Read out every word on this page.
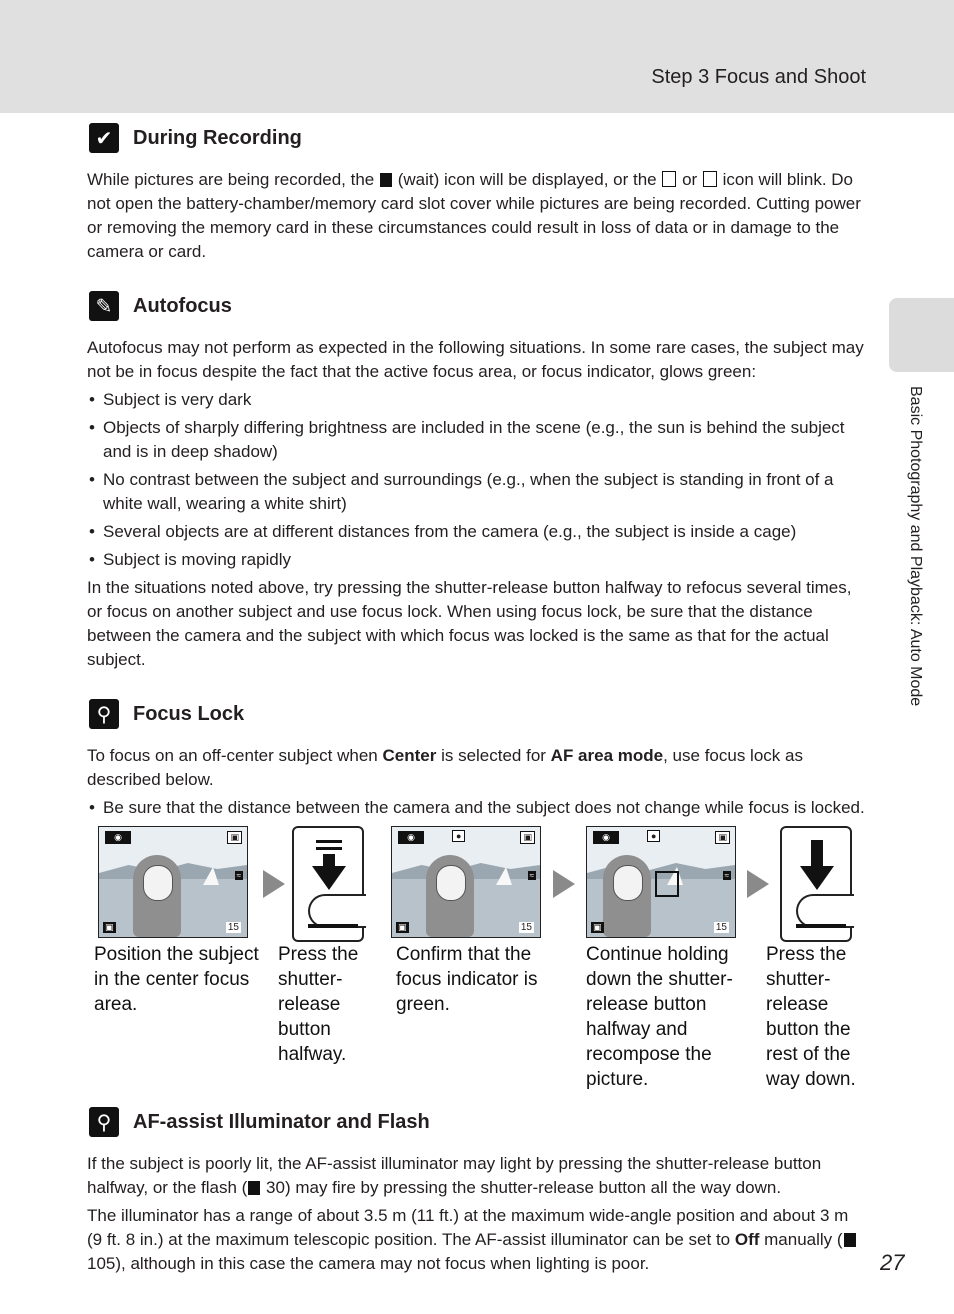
Step 3 Focus and Shoot
Basic Photography and Playback: Auto Mode
✔	During Recording

While pictures are being recorded, the  (wait) icon will be displayed, or the  or  icon will blink. Do not open the battery-chamber/memory card slot cover while pictures are being recorded. Cutting power or removing the memory card in these circumstances could result in loss of data or in damage to the camera or card.

✎	Autofocus

Autofocus may not perform as expected in the following situations. In some rare cases, the subject may not be in focus despite the fact that the active focus area, or focus indicator, glows green:

• Subject is very dark
• Objects of sharply differing brightness are included in the scene (e.g., the sun is behind the subject and is in deep shadow)
• No contrast between the subject and surroundings (e.g., when the subject is standing in front of a white wall, wearing a white shirt)
• Several objects are at different distances from the camera (e.g., the subject is inside a cage)
• Subject is moving rapidly

In the situations noted above, try pressing the shutter-release button halfway to refocus several times, or focus on another subject and use focus lock. When using focus lock, be sure that the distance between the camera and the subject with which focus was locked is the same as that for the actual subject.

⚲	Focus Lock

To focus on an off-center subject when Center is selected for AF area mode, use focus lock as described below.

• Be sure that the distance between the camera and the subject does not change while focus is locked.
◉	▣
≈
▣	15
◉	●	▣
≈
▣	15
◉	●	▣
≈
▣	15
Position the subject in the center focus area.
Press the shutter-release button halfway.
Confirm that the focus indicator is green.
Continue holding down the shutter-release button halfway and recompose the picture.
Press the shutter-release button the rest of the way down.
⚲	AF-assist Illuminator and Flash

If the subject is poorly lit, the AF-assist illuminator may light by pressing the shutter-release button halfway, or the flash ( 30) may fire by pressing the shutter-release button all the way down.

The illuminator has a range of about 3.5 m (11 ft.) at the maximum wide-angle position and about 3 m (9 ft. 8 in.) at the maximum telescopic position. The AF-assist illuminator can be set to Off manually ( 105), although in this case the camera may not focus when lighting is poor.	27
